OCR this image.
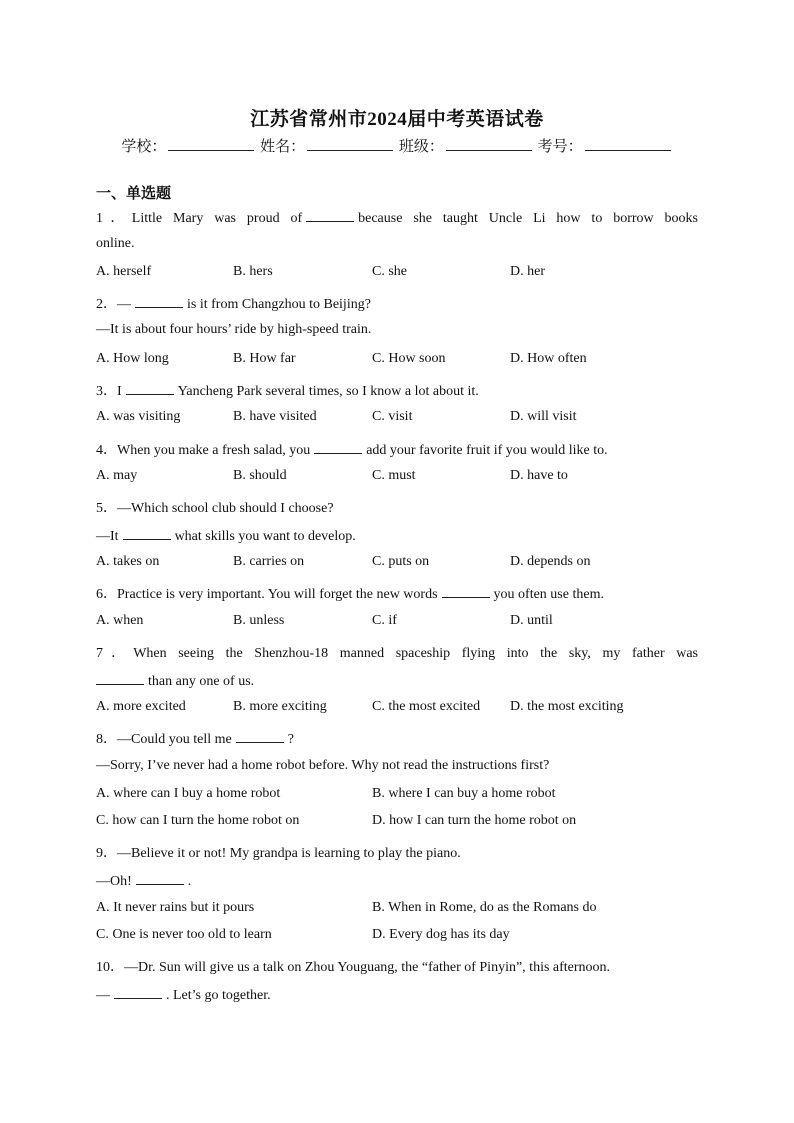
江苏省常州市2024届中考英语试卷
学校：	姓名：	班级：	考号：
一、单选题
1．Little Mary was proud of	because she taught Uncle Li how to borrow books
online.
A. herself	B. hers	C. she	D. her
2．—	is it from Changzhou to Beijing?
—It is about four hours’ ride by high-speed train.
A. How long	B. How far	C. How soon	D. How often
3．I	Yancheng Park several times, so I know a lot about it.
A. was visiting	B. have visited	C. visit	D. will visit
4．When you make a fresh salad, you	add your favorite fruit if you would like to.
A. may	B. should	C. must	D. have to
5．—Which school club should I choose?
—It	what skills you want to develop.
A. takes on	B. carries on	C. puts on	D. depends on
6．Practice is very important. You will forget the new words	you often use them.
A. when	B. unless	C. if	D. until
7．When seeing the Shenzhou-18 manned spaceship flying into the sky, my father was
than any one of us.
A. more excited	B. more exciting	C. the most excited D. the most exciting
8．—Could you tell me	?
—Sorry, I’ve never had a home robot before. Why not read the instructions first?
A. where can I buy a home robot	B. where I can buy a home robot
C. how can I turn the home robot on	D. how I can turn the home robot on
9．—Believe it or not! My grandpa is learning to play the piano.
—Oh!	.
A. It never rains but it pours	B. When in Rome, do as the Romans do
C. One is never too old to learn	D. Every dog has its day
10．—Dr. Sun will give us a talk on Zhou Youguang, the “father of Pinyin”, this afternoon.
—	. Let’s go together.
